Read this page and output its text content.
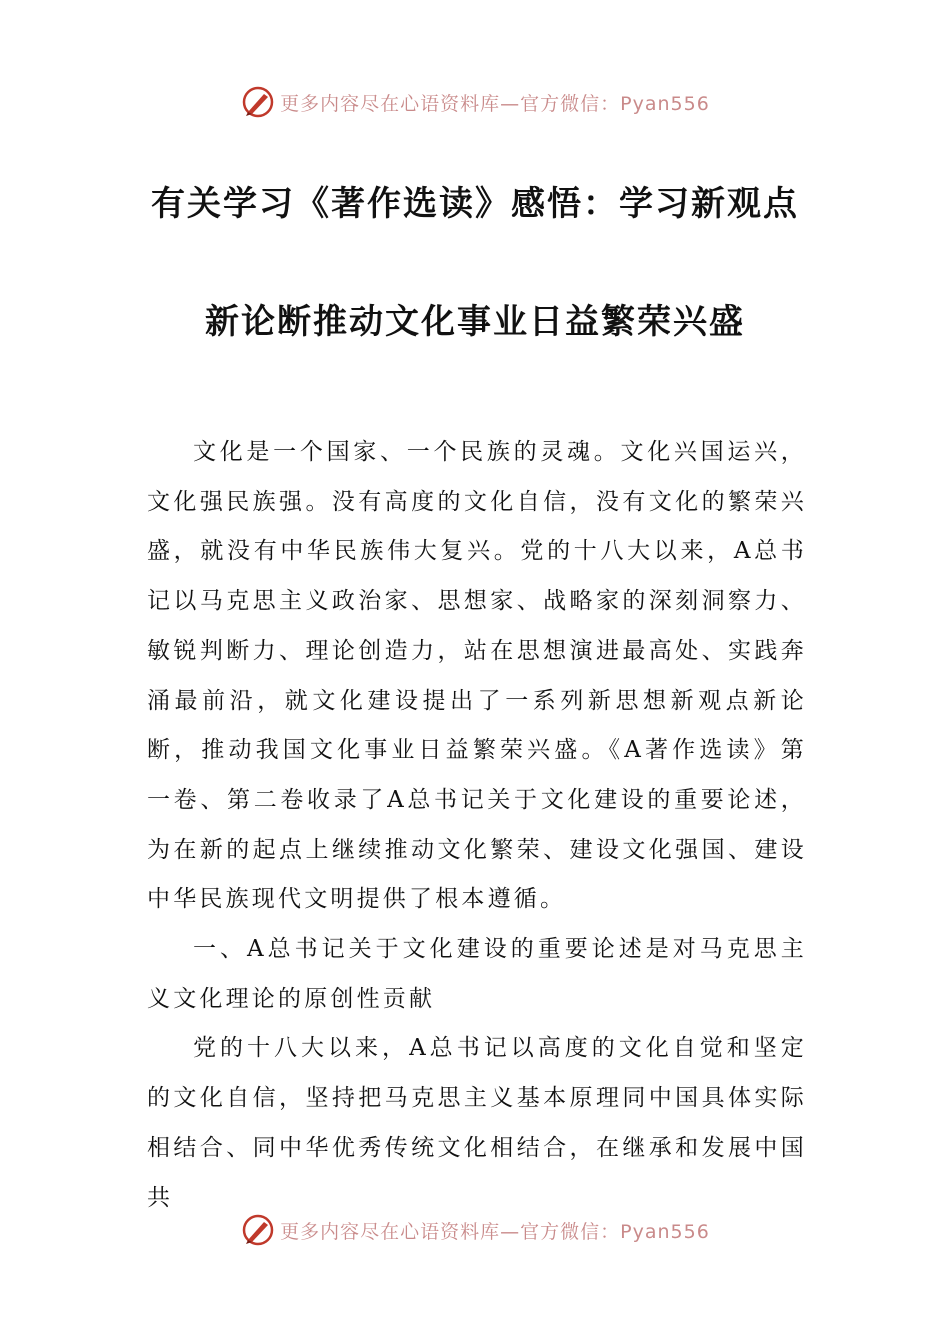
更多内容尽在心语资料库—官方微信：Pyan556
有关学习《著作选读》感悟：学习新观点
新论断推动文化事业日益繁荣兴盛

文化是一个国家、一个民族的灵魂。文化兴国运兴，文化强民族强。没有高度的文化自信，没有文化的繁荣兴盛，就没有中华民族伟大复兴。党的十八大以来，A总书记以马克思主义政治家、思想家、战略家的深刻洞察力、敏锐判断力、理论创造力，站在思想演进最高处、实践奔涌最前沿，就文化建设提出了一系列新思想新观点新论断，推动我国文化事业日益繁荣兴盛。《A著作选读》第一卷、第二卷收录了A总书记关于文化建设的重要论述，为在新的起点上继续推动文化繁荣、建设文化强国、建设中华民族现代文明提供了根本遵循。

一、A总书记关于文化建设的重要论述是对马克思主义文化理论的原创性贡献

党的十八大以来，A总书记以高度的文化自觉和坚定的文化自信，坚持把马克思主义基本原理同中国具体实际相结合、同中华优秀传统文化相结合，在继承和发展中国共

更多内容尽在心语资料库—官方微信：Pyan556
